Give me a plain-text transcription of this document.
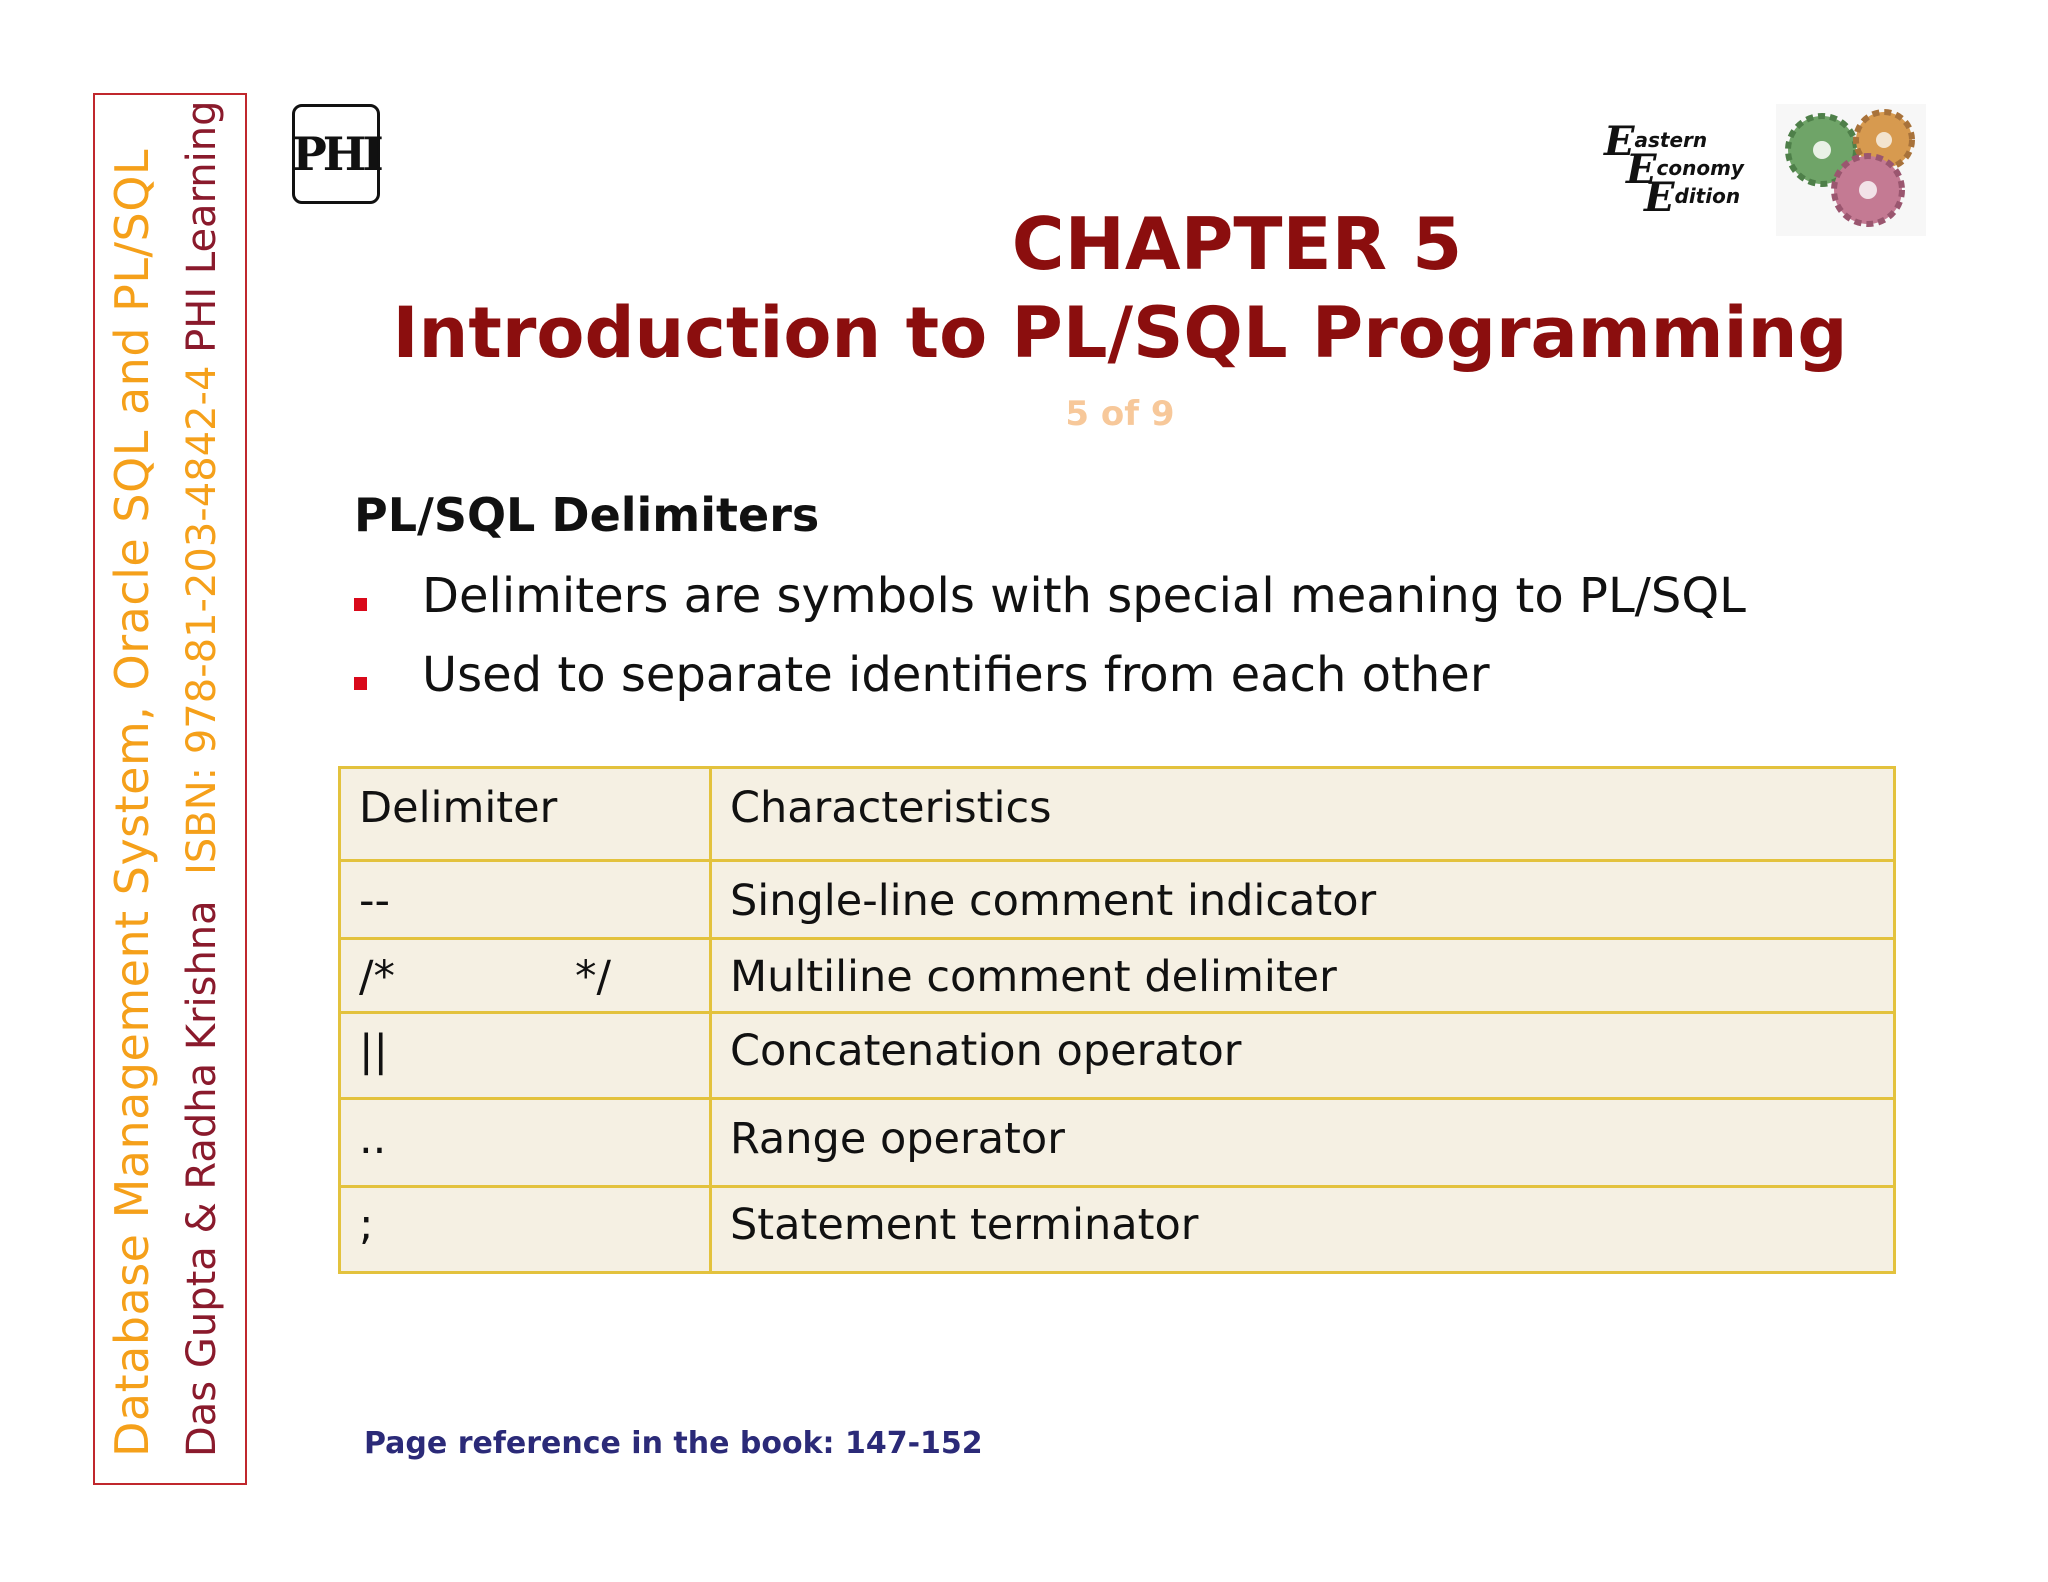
Database Management System, Oracle SQL and PL/SQL Das Gupta & Radha Krishna  ISBN: 978-81-203-4842-4 PHI Learning PHI	Eastern
Economy
Edition
CHAPTER 5
Introduction to PL/SQL Programming
5 of 9
PL/SQL Delimiters
Delimiters are symbols with special meaning to PL/SQL
Used to separate identifiers from each other
Delimiter	Characteristics
--	Single-line comment indicator
/* */	Multiline comment delimiter
||	Concatenation operator
..	Range operator
;	Statement terminator
Page reference in the book: 147-152
